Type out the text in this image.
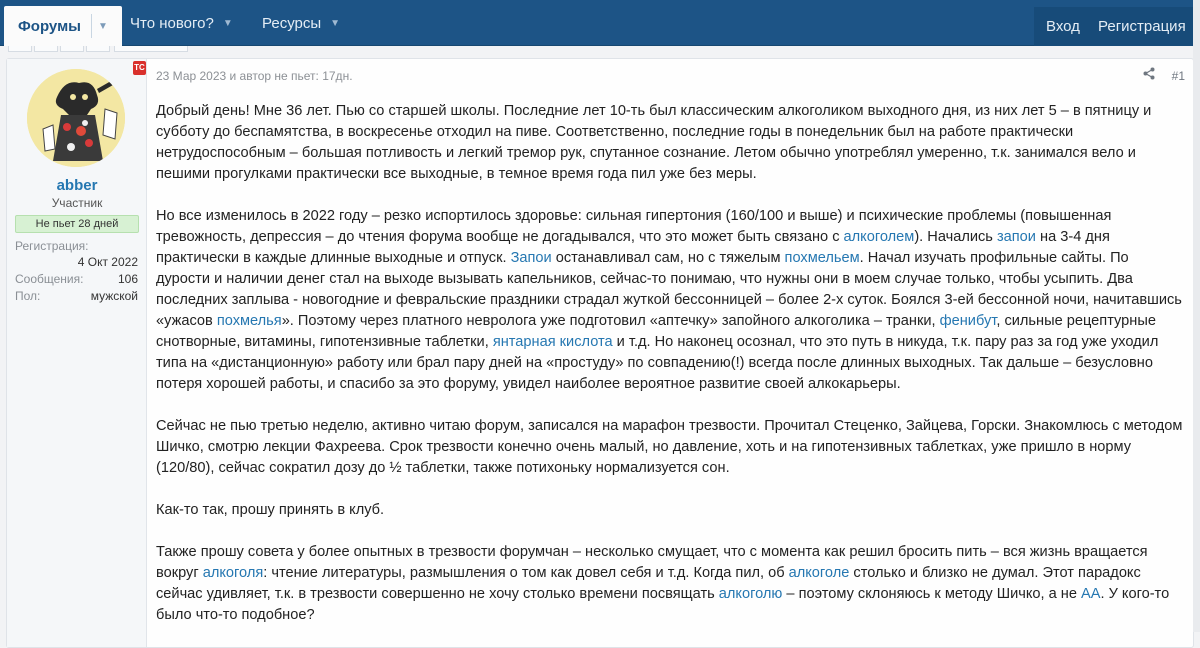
Форумы	▼ Что нового? ▼ Ресурсы ▼	Вход Регистрация
TC
abber
Участник
Не пьет 28 дней
Регистрация:
4 Окт 2022
Сообщения:	106
Пол:	мужской
23 Мар 2023 и автор не пьет: 17дн.	#1

Добрый день! Мне 36 лет. Пью со старшей школы. Последние лет 10-ть был классическим алкоголиком выходного дня, из них лет 5 – в пятницу и субботу до беспамятства, в воскресенье отходил на пиве. Соответственно, последние годы в понедельник был на работе практически нетрудоспособным – большая потливость и легкий тремор рук, спутанное сознание. Летом обычно употреблял умеренно, т.к. занимался вело и пешими прогулками практически все выходные, в темное время года пил уже без меры.

Но все изменилось в 2022 году – резко испортилось здоровье: сильная гипертония (160/100 и выше) и психические проблемы (повышенная тревожность, депрессия – до чтения форума вообще не догадывался, что это может быть связано с алкоголем). Начались запои на 3-4 дня практически в каждые длинные выходные и отпуск. Запои останавливал сам, но с тяжелым похмельем. Начал изучать профильные сайты. По дурости и наличии денег стал на выходе вызывать капельников, сейчас-то понимаю, что нужны они в моем случае только, чтобы усыпить. Два последних заплыва - новогодние и февральские праздники страдал жуткой бессонницей – более 2-х суток. Боялся 3-ей бессонной ночи, начитавшись «ужасов похмелья». Поэтому через платного невролога уже подготовил «аптечку» запойного алкоголика – транки, фенибут, сильные рецептурные снотворные, витамины, гипотензивные таблетки, янтарная кислота и т.д. Но наконец осознал, что это путь в никуда, т.к. пару раз за год уже уходил типа на «дистанционную» работу или брал пару дней на «простуду» по совпадению(!) всегда после длинных выходных. Так дальше – безусловно потеря хорошей работы, и спасибо за это форуму, увидел наиболее вероятное развитие своей алкокарьеры.

Сейчас не пью третью неделю, активно читаю форум, записался на марафон трезвости. Прочитал Стеценко, Зайцева, Горски. Знакомлюсь с методом Шичко, смотрю лекции Фахреева. Срок трезвости конечно очень малый, но давление, хоть и на гипотензивных таблетках, уже пришло в норму (120/80), сейчас сократил дозу до ½ таблетки, также потихоньку нормализуется сон.

Как-то так, прошу принять в клуб.

Также прошу совета у более опытных в трезвости форумчан – несколько смущает, что с момента как решил бросить пить – вся жизнь вращается вокруг алкоголя: чтение литературы, размышления о том как довел себя и т.д. Когда пил, об алкоголе столько и близко не думал. Этот парадокс сейчас удивляет, т.к. в трезвости совершенно не хочу столько времени посвящать алкоголю – поэтому склоняюсь к методу Шичко, а не АА. У кого-то было что-то подобное?
